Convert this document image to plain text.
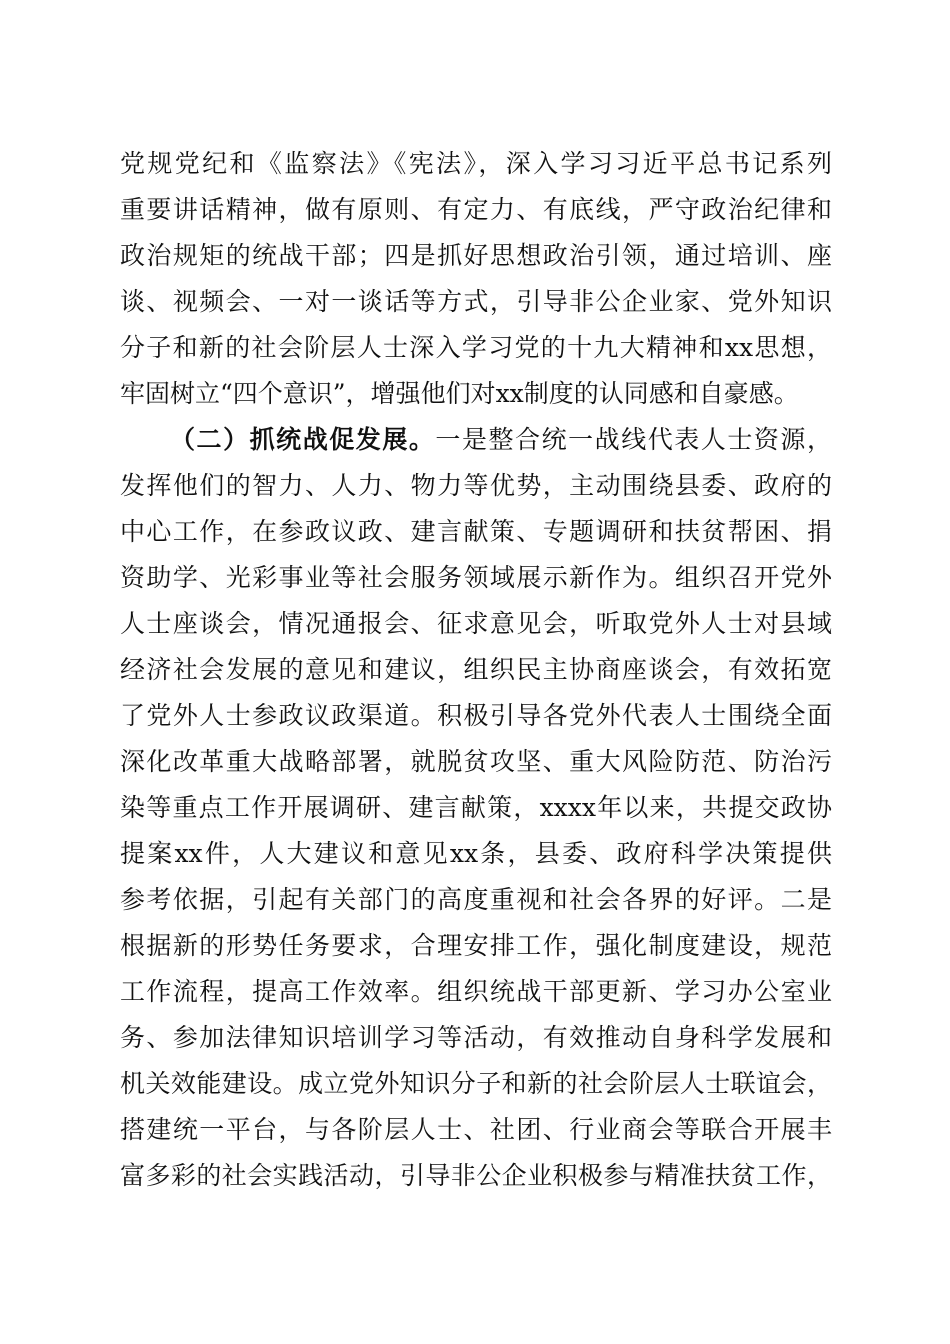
党规党纪和《监察法》《宪法》，深入学习习近平总书记系列
重要讲话精神，做有原则、有定力、有底线，严守政治纪律和
政治规矩的统战干部；四是抓好思想政治引领，通过培训、座
谈、视频会、一对一谈话等方式，引导非公企业家、党外知识
分子和新的社会阶层人士深入学习党的十九大精神和xx思想，
牢固树立“四个意识”，增强他们对xx制度的认同感和自豪感。
（二）抓统战促发展。一是整合统一战线代表人士资源，
发挥他们的智力、人力、物力等优势，主动围绕县委、政府的
中心工作，在参政议政、建言献策、专题调研和扶贫帮困、捐
资助学、光彩事业等社会服务领域展示新作为。组织召开党外
人士座谈会，情况通报会、征求意见会，听取党外人士对县域
经济社会发展的意见和建议，组织民主协商座谈会，有效拓宽
了党外人士参政议政渠道。积极引导各党外代表人士围绕全面
深化改革重大战略部署，就脱贫攻坚、重大风险防范、防治污
染等重点工作开展调研、建言献策，xxxx年以来，共提交政协
提案xx件，人大建议和意见xx条，县委、政府科学决策提供
参考依据，引起有关部门的高度重视和社会各界的好评。二是
根据新的形势任务要求，合理安排工作，强化制度建设，规范
工作流程，提高工作效率。组织统战干部更新、学习办公室业
务、参加法律知识培训学习等活动，有效推动自身科学发展和
机关效能建设。成立党外知识分子和新的社会阶层人士联谊会，
搭建统一平台，与各阶层人士、社团、行业商会等联合开展丰
富多彩的社会实践活动，引导非公企业积极参与精准扶贫工作，
